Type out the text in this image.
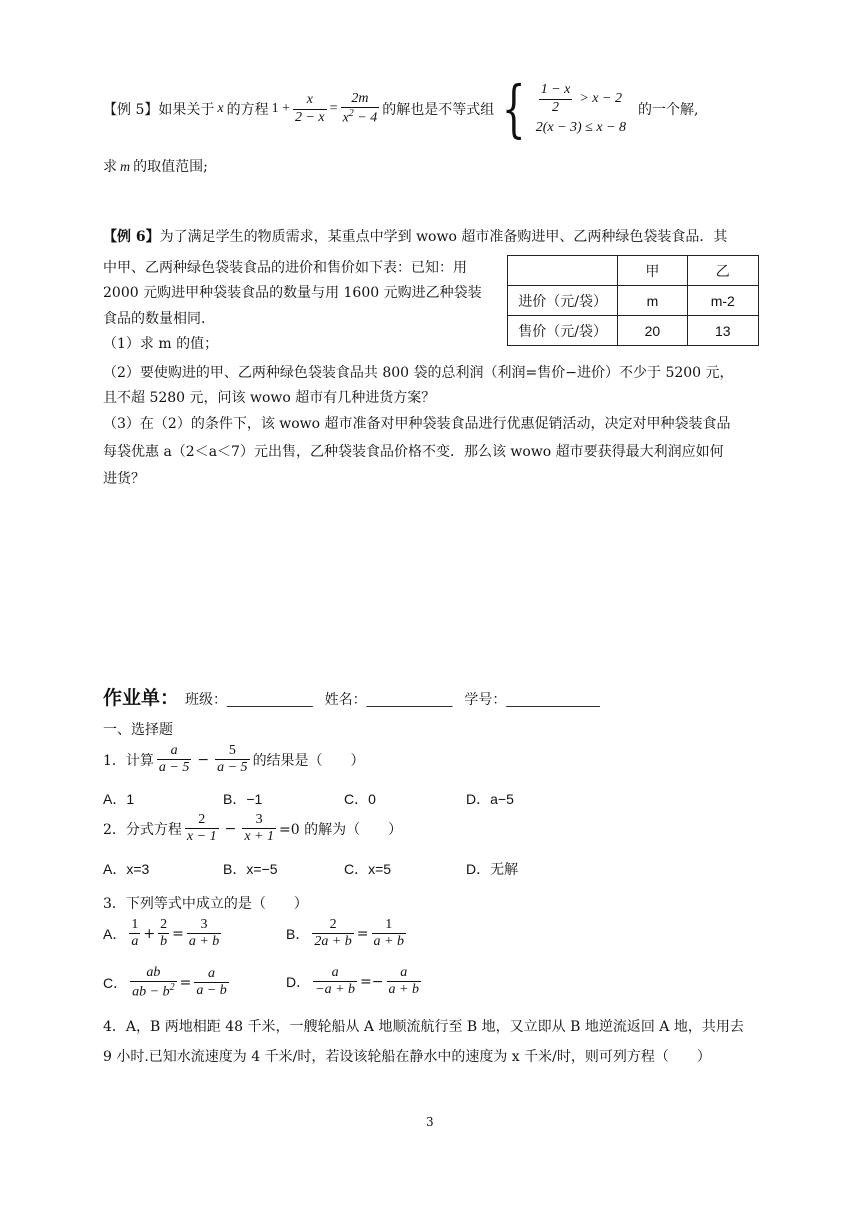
【例 5】 如果关于 x 的方程 $1 + \frac{x}{2 - x} = \frac{2m}{x^2 - 4}$ 的解也是不等式组 { $\frac{1 - x}{2} > x - 2$
2(x − 3) ≤ x − 8
的一个解,
求 m 的取值范围;
【例 6】为了满足学生的物质需求，某重点中学到 wowo 超市准备购进甲、乙两种绿色袋装食品．其
中甲、乙两种绿色袋装食品的进价和售价如下表：已知：用
2000 元购进甲种袋装食品的数量与用 1600 元购进乙种袋装
食品的数量相同．
	甲	乙
进价（元/袋）	m	m-2
售价（元/袋）	20	13
（1）求 m 的值；
（2）要使购进的甲、乙两种绿色袋装食品共 800 袋的总利润（利润=售价−进价）不少于 5200 元，
且不超 5280 元，问该 wowo 超市有几种进货方案？
（3）在（2）的条件下，该 wowo 超市准备对甲种袋装食品进行优惠促销活动，决定对甲种袋装食品
每袋优惠 a（2＜a＜7）元出售，乙种袋装食品价格不变．那么该 wowo 超市要获得最大利润应如何
进货？
作业单： 班级： ___________ 姓名： ___________ 学号： ____________
一、选择题
1．计算 $\frac{a}{a - 5} - \frac{5}{a - 5}$ 的结果是（　　）
A．1	B．−1	C．0	D．a−5
2．分式方程 $\frac{2}{x - 1} - \frac{3}{x + 1} =0$ 的解为（　　）
A．x=3	B．x=−5	C．x=5	D．无解
3．下列等式中成立的是（　　）
A． $\frac{1}{a} + \frac{2}{b} = \frac{3}{a + b}$	B． $\frac{2}{2a + b} = \frac{1}{a + b}$
C． $\frac{ab}{ab - b^2} = \frac{a}{a - b}$	D． $\frac{a}{-a + b} =- \frac{a}{a + b}$
4．A，B 两地相距 48 千米，一艘轮船从 A 地顺流航行至 B 地，又立即从 B 地逆流返回 A 地，共用去
9 小时.已知水流速度为 4 千米/时，若设该轮船在静水中的速度为 x 千米/时，则可列方程（　　）
3
